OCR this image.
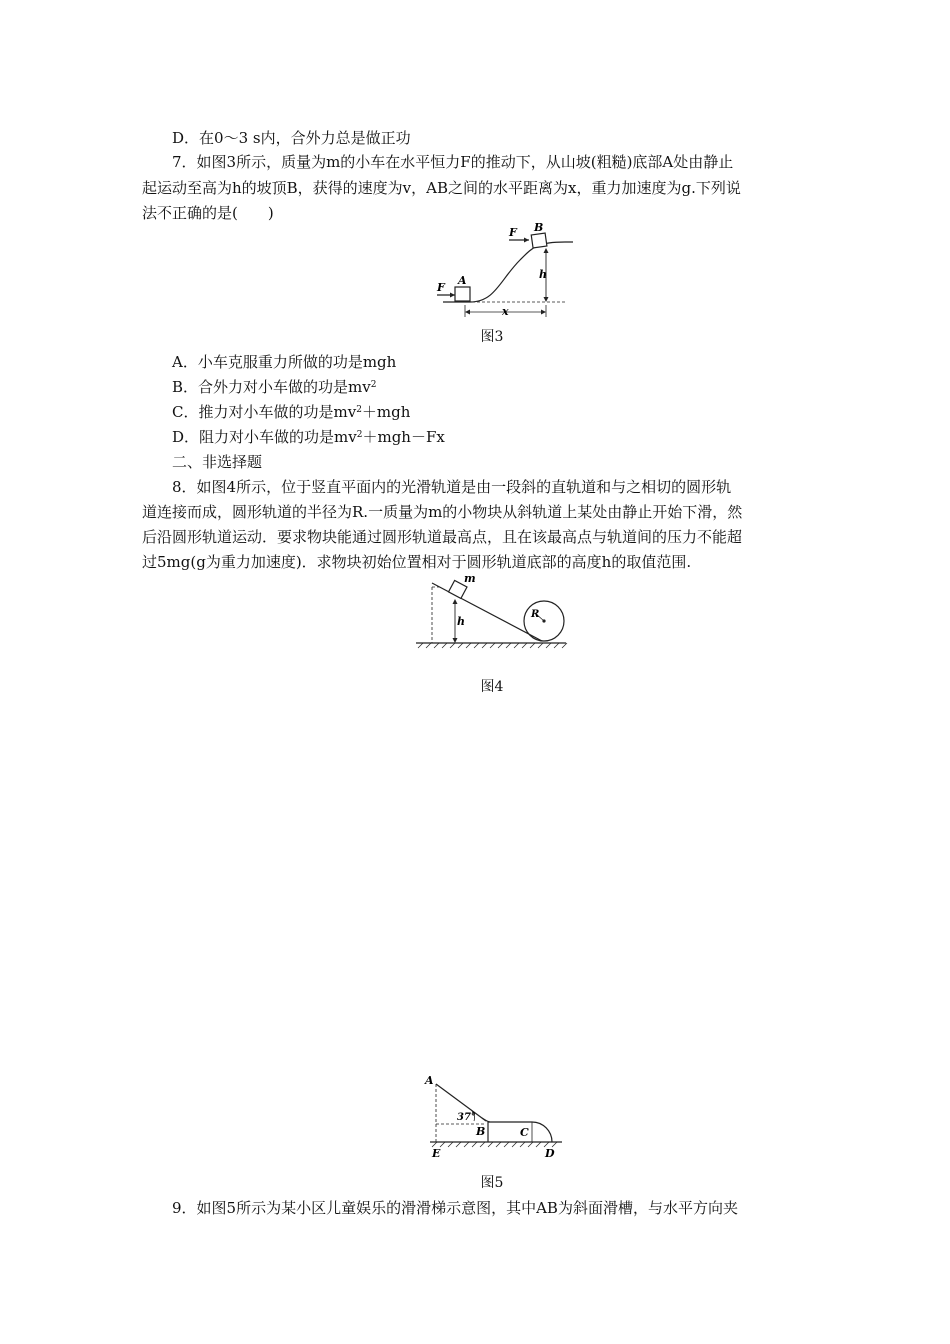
D．在0～3 s内，合外力总是做正功
7．如图3所示，质量为m的小车在水平恒力F的推动下，从山坡(粗糙)底部A处由静止
起运动至高为h的坡顶B，获得的速度为v，AB之间的水平距离为x，重力加速度为g.下列说
法不正确的是(　　)
F
A
F B
h
x
图3
A．小车克服重力所做的功是mgh
B．合外力对小车做的功是$mv^2$
C．推力对小车做的功是$mv^2+mgh$
D．阻力对小车做的功是$mv^2+mgh-Fx$
二、非选择题
8．如图4所示，位于竖直平面内的光滑轨道是由一段斜的直轨道和与之相切的圆形轨
道连接而成，圆形轨道的半径为R.一质量为m的小物块从斜轨道上某处由静止开始下滑，然
后沿圆形轨道运动．要求物块能通过圆形轨道最高点，且在该最高点与轨道间的压力不能超
过5mg(g为重力加速度)．求物块初始位置相对于圆形轨道底部的高度h的取值范围.
m
h
R
图4
A
37°
B	C
E	D
图5
9．如图5所示为某小区儿童娱乐的滑滑梯示意图，其中AB为斜面滑槽，与水平方向夹
